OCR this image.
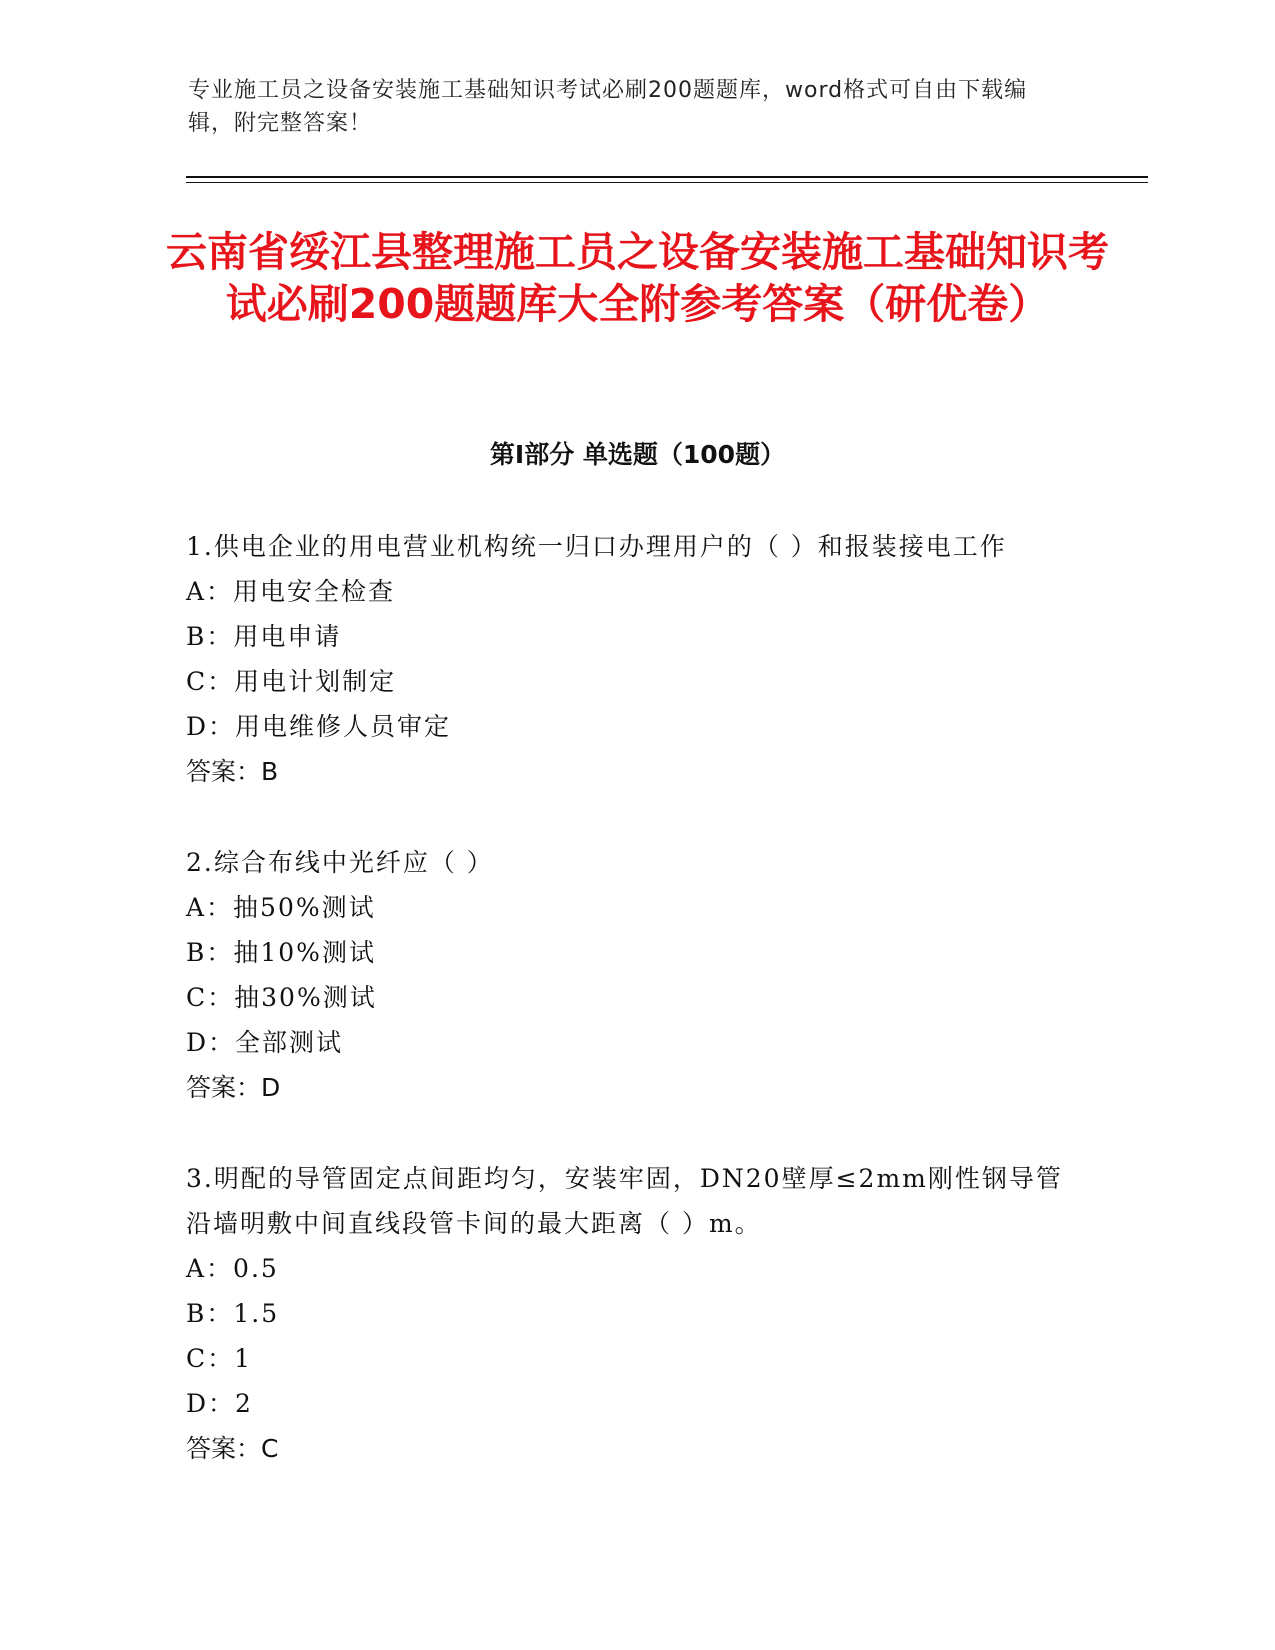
专业施工员之设备安装施工基础知识考试必刷200题题库，word格式可自由下载编辑，附完整答案！
云南省绥江县整理施工员之设备安装施工基础知识考试必刷200题题库大全附参考答案（研优卷）
第Ⅰ部分 单选题（100题）

1.供电企业的用电营业机构统一归口办理用户的（ ）和报装接电工作

A：用电安全检查

B：用电申请

C：用电计划制定

D：用电维修人员审定

答案：B

2.综合布线中光纤应（ ）

A：抽50%测试

B：抽10%测试

C：抽30%测试

D：全部测试

答案：D

3.明配的导管固定点间距均匀，安装牢固，DN20壁厚≤2mm刚性钢导管沿墙明敷中间直线段管卡间的最大距离（ ）m。

A：0.5

B：1.5

C：1

D：2

答案：C
